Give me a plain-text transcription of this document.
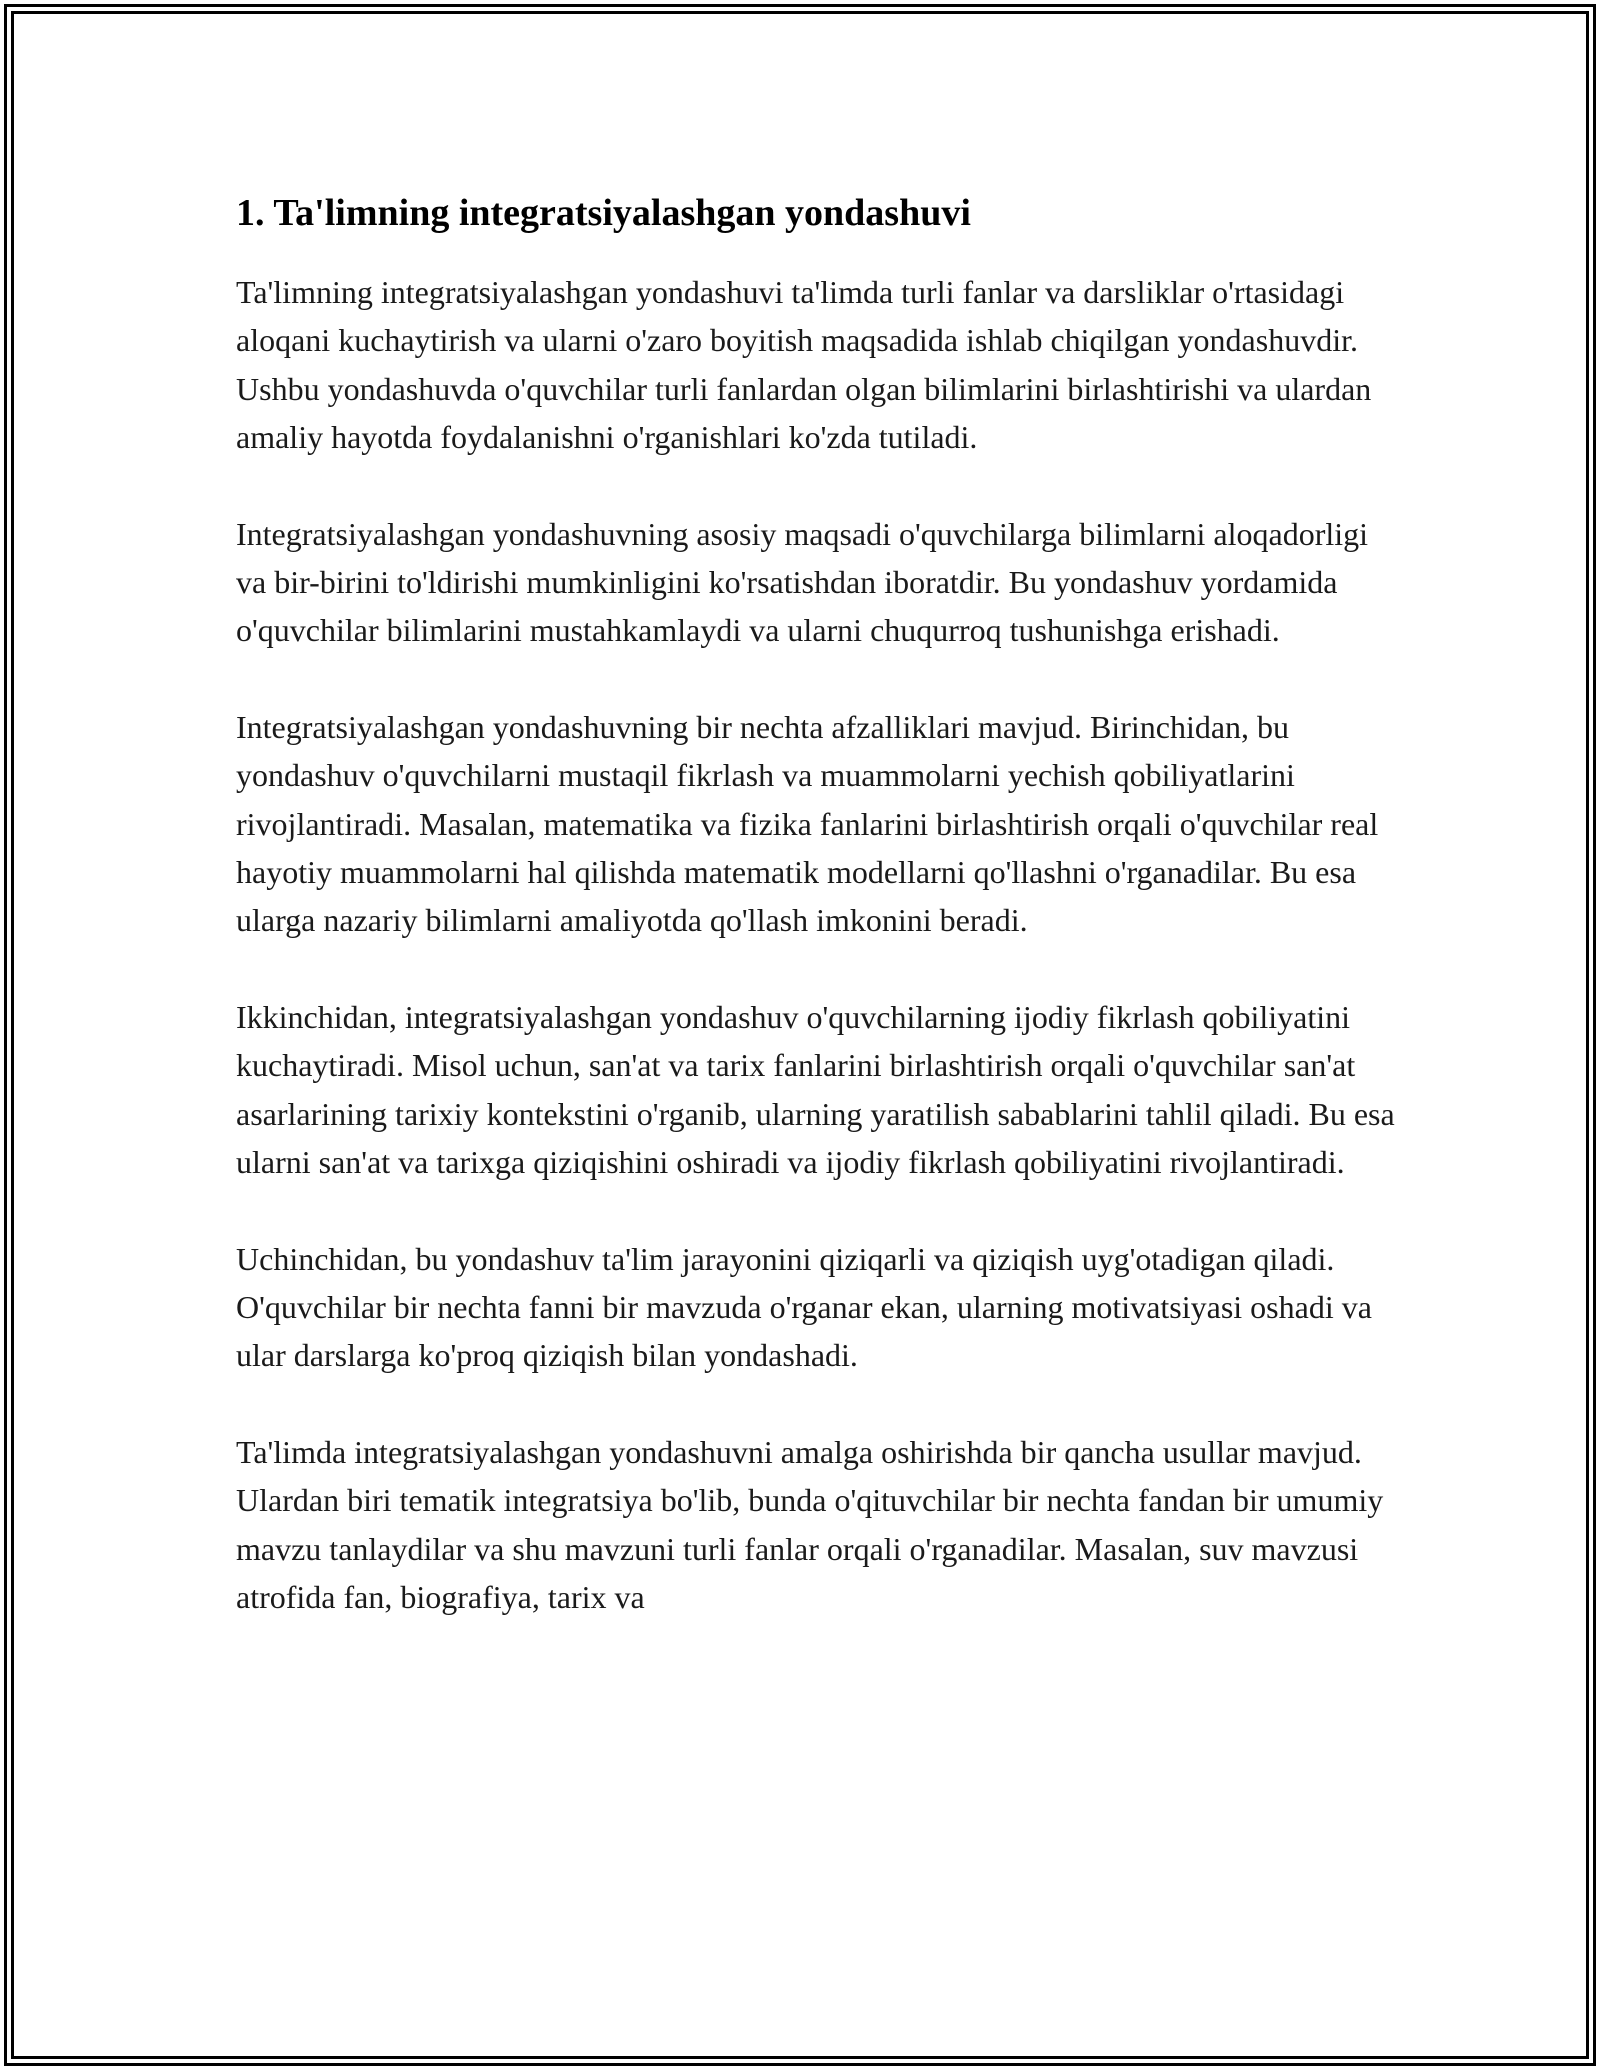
1. Ta'limning integratsiyalashgan yondashuvi

Ta'limning integratsiyalashgan yondashuvi ta'limda turli fanlar va darsliklar o'rtasidagi aloqani kuchaytirish va ularni o'zaro boyitish maqsadida ishlab chiqilgan yondashuvdir. Ushbu yondashuvda o'quvchilar turli fanlardan olgan bilimlarini birlashtirishi va ulardan amaliy hayotda foydalanishni o'rganishlari ko'zda tutiladi.

Integratsiyalashgan yondashuvning asosiy maqsadi o'quvchilarga bilimlarni aloqadorligi va bir-birini to'ldirishi mumkinligini ko'rsatishdan iboratdir. Bu yondashuv yordamida o'quvchilar bilimlarini mustahkamlaydi va ularni chuqurroq tushunishga erishadi.

Integratsiyalashgan yondashuvning bir nechta afzalliklari mavjud. Birinchidan, bu yondashuv o'quvchilarni mustaqil fikrlash va muammolarni yechish qobiliyatlarini rivojlantiradi. Masalan, matematika va fizika fanlarini birlashtirish orqali o'quvchilar real hayotiy muammolarni hal qilishda matematik modellarni qo'llashni o'rganadilar. Bu esa ularga nazariy bilimlarni amaliyotda qo'llash imkonini beradi.

Ikkinchidan, integratsiyalashgan yondashuv o'quvchilarning ijodiy fikrlash qobiliyatini kuchaytiradi. Misol uchun, san'at va tarix fanlarini birlashtirish orqali o'quvchilar san'at asarlarining tarixiy kontekstini o'rganib, ularning yaratilish sabablarini tahlil qiladi. Bu esa ularni san'at va tarixga qiziqishini oshiradi va ijodiy fikrlash qobiliyatini rivojlantiradi.

Uchinchidan, bu yondashuv ta'lim jarayonini qiziqarli va qiziqish uyg'otadigan qiladi. O'quvchilar bir nechta fanni bir mavzuda o'rganar ekan, ularning motivatsiyasi oshadi va ular darslarga ko'proq qiziqish bilan yondashadi.

Ta'limda integratsiyalashgan yondashuvni amalga oshirishda bir qancha usullar mavjud. Ulardan biri tematik integratsiya bo'lib, bunda o'qituvchilar bir nechta fandan bir umumiy mavzu tanlaydilar va shu mavzuni turli fanlar orqali o'rganadilar. Masalan, suv mavzusi atrofida fan, biografiya, tarix va
